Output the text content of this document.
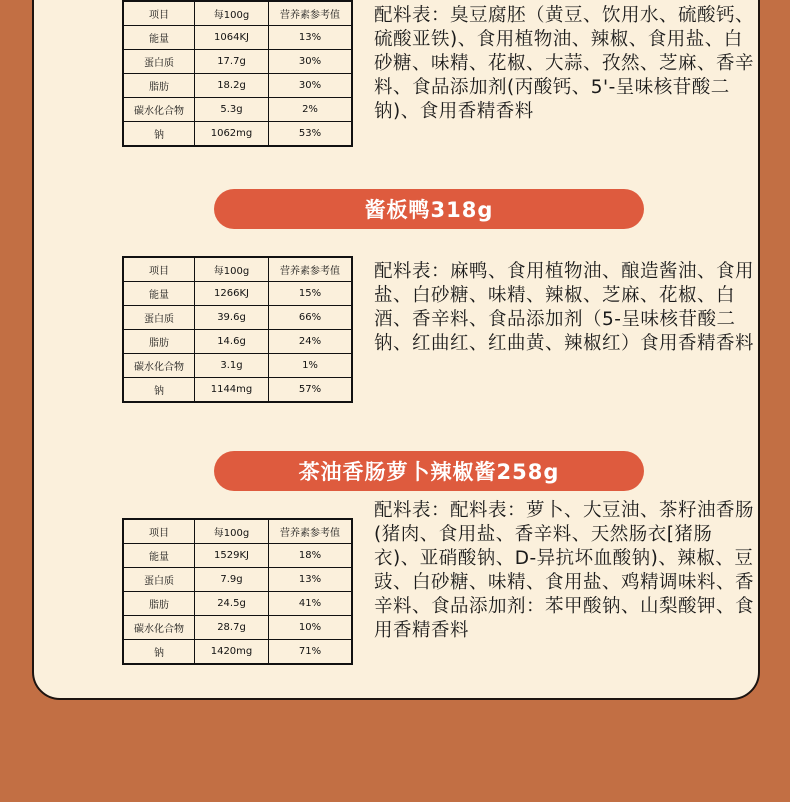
项目	每100g	营养素参考值
能量	1064KJ	13%
蛋白质	17.7g	30%
脂肪	18.2g	30%
碳水化合物	5.3g	2%
钠	1062mg	53%
配料表：臭豆腐胚（黄豆、饮用水、硫酸钙、硫酸亚铁)、食用植物油、辣椒、食用盐、白砂糖、味精、花椒、大蒜、孜然、芝麻、香辛料、食品添加剂(丙酸钙、5'-呈味核苷酸二钠)、食用香精香料
酱板鸭318g
项目	每100g	营养素参考值
能量	1266KJ	15%
蛋白质	39.6g	66%
脂肪	14.6g	24%
碳水化合物	3.1g	1%
钠	1144mg	57%
配料表：麻鸭、食用植物油、酿造酱油、食用盐、白砂糖、味精、辣椒、芝麻、花椒、白酒、香辛料、食品添加剂（5-呈味核苷酸二钠、红曲红、红曲黄、辣椒红）食用香精香料
茶油香肠萝卜辣椒酱258g
项目	每100g	营养素参考值
能量	1529KJ	18%
蛋白质	7.9g	13%
脂肪	24.5g	41%
碳水化合物	28.7g	10%
钠	1420mg	71%
配料表：配料表：萝卜、大豆油、茶籽油香肠(猪肉、食用盐、香辛料、天然肠衣[猪肠衣)、亚硝酸钠、D-异抗坏血酸钠)、辣椒、豆豉、白砂糖、味精、食用盐、鸡精调味料、香辛料、食品添加剂：苯甲酸钠、山梨酸钾、食用香精香料
